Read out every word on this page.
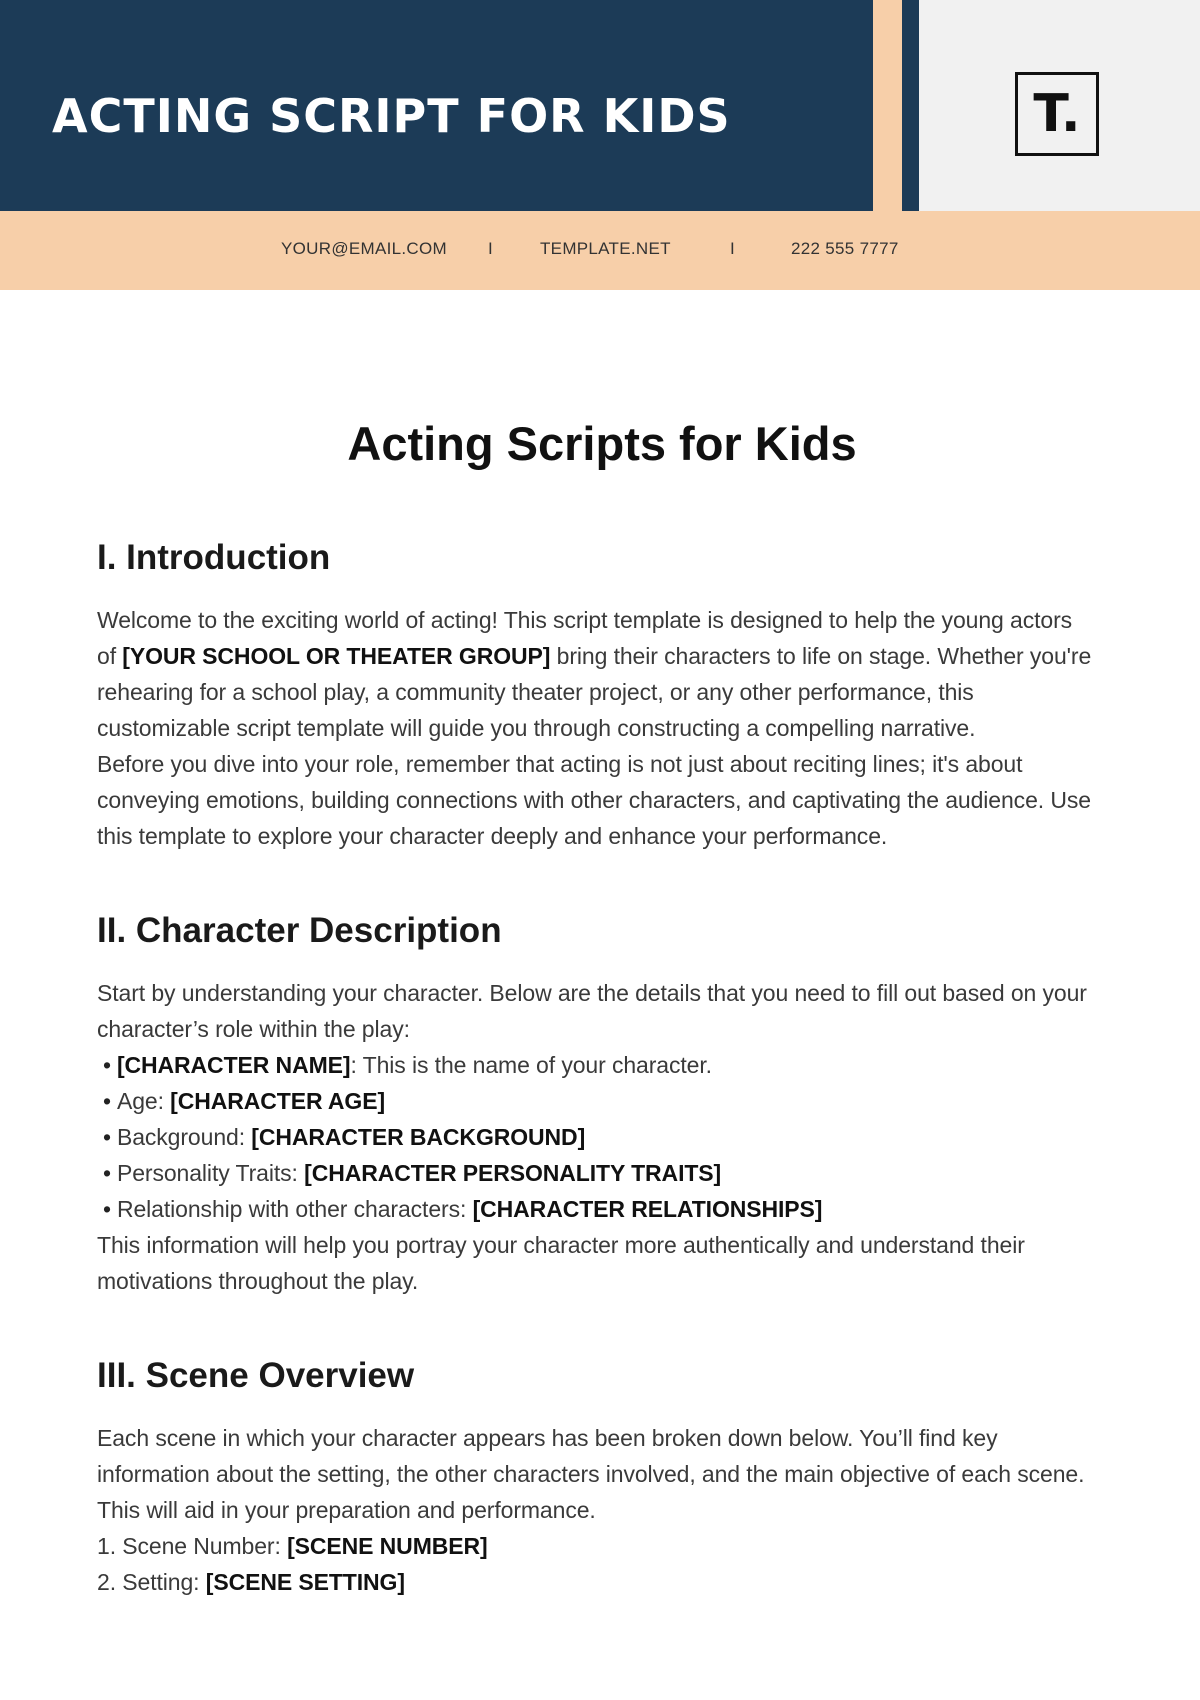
ACTING SCRIPT FOR KIDS	T.
YOUR@EMAIL.COM I	TEMPLATE.NET	I	222 555 7777
Acting Scripts for Kids
I. Introduction

Welcome to the exciting world of acting! This script template is designed to help the young actors of [YOUR SCHOOL OR THEATER GROUP] bring their characters to life on stage. Whether you're rehearing for a school play, a community theater project, or any other performance, this customizable script template will guide you through constructing a compelling narrative.

Before you dive into your role, remember that acting is not just about reciting lines; it's about conveying emotions, building connections with other characters, and captivating the audience. Use this template to explore your character deeply and enhance your performance.

II. Character Description

Start by understanding your character. Below are the details that you need to fill out based on your character’s role within the play:

• [CHARACTER NAME]: This is the name of your character.
• Age: [CHARACTER AGE]
• Background: [CHARACTER BACKGROUND]
• Personality Traits: [CHARACTER PERSONALITY TRAITS]
• Relationship with other characters: [CHARACTER RELATIONSHIPS]

This information will help you portray your character more authentically and understand their motivations throughout the play.

III. Scene Overview

Each scene in which your character appears has been broken down below. You’ll find key information about the setting, the other characters involved, and the main objective of each scene. This will aid in your preparation and performance.

1. Scene Number: [SCENE NUMBER]
2. Setting: [SCENE SETTING]
